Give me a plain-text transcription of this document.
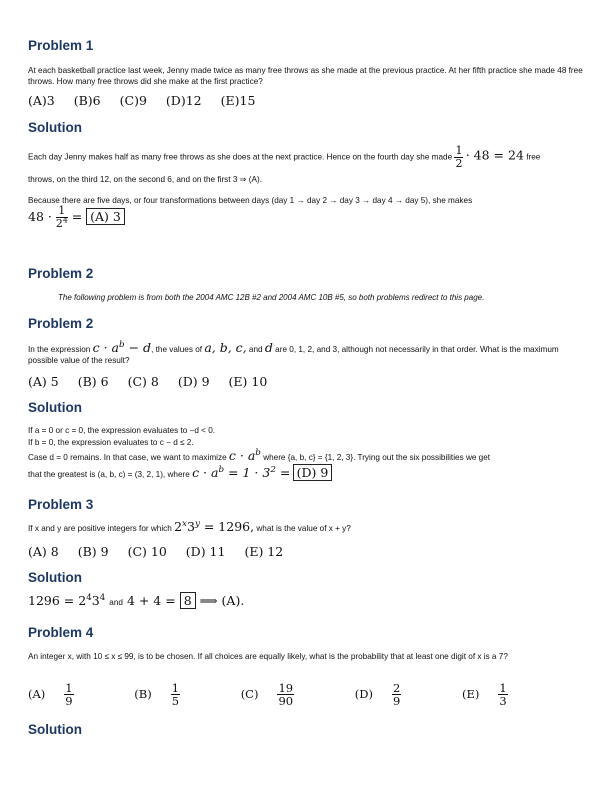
Problem 1
At each basketball practice last week, Jenny made twice as many free throws as she made at the previous practice. At her fifth practice she made 48 free throws. How many free throws did she make at the first practice?
(A)3 (B)6 (C)9 (D)12 (E)15
Solution
Each day Jenny makes half as many free throws as she does at the next practice. Hence on the fourth day she made $\frac{1}{2} \cdot 48 = 24$ free
throws, on the third 12, on the second 6, and on the first 3 ⇒ (A).
Because there are five days, or four transformations between days (day 1 → day 2 → day 3 → day 4 → day 5), she makes
$48 \cdot \frac{1}{2^4} = (A)$ 3
Problem 2
The following problem is from both the 2004 AMC 12B #2 and 2004 AMC 10B #5, so both problems redirect to this page.
Problem 2
In the expression $c \cdot a^b - d$, the values of a, b, c, and d are 0, 1, 2, and 3, although not necessarily in that order. What is the maximum possible value of the result?
(A) 5 (B) 6 (C) 8 (D) 9 (E) 10
Solution
If a = 0 or c = 0, the expression evaluates to −d < 0.
If b = 0, the expression evaluates to c − d ≤ 2.
Case d = 0 remains. In that case, we want to maximize $c \cdot a^b$ where {a, b, c} = {1, 2, 3}. Trying out the six possibilities we get
that the greatest is (a, b, c) = (3, 2, 1), where $c \cdot a^b = 1 \cdot 3^2 = (D)$ 9
Problem 3
If x and y are positive integers for which $2^x3^y = 1296$, what is the value of x + y?
(A) 8 (B) 9 (C) 10 (D) 11 (E) 12
Solution
$1296 = 2^43^4$ and 4 + 4 = 8 ⟹ (A).
Problem 4
An integer x, with 10 ≤ x ≤ 99, is to be chosen. If all choices are equally likely, what is the probability that at least one digit of x is a 7?
$(A) \frac{1}{9}$	$(B) \frac{1}{5}$	$(C) \frac{19}{90}$	$(D) \frac{2}{9}$	$(E) \frac{1}{3}$
Solution
